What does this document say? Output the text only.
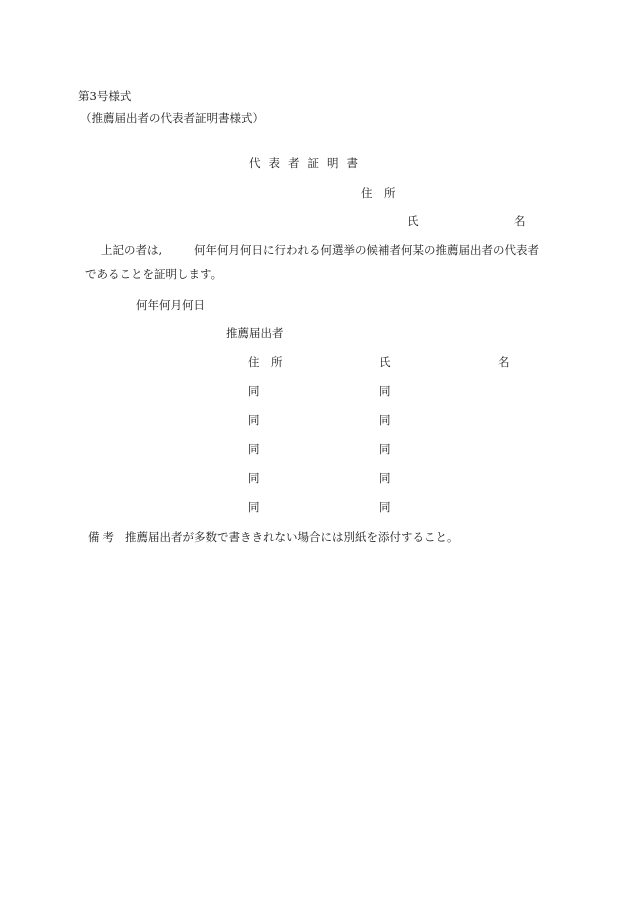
第3号様式
（推薦届出者の代表者証明書様式）
代表者証明書
住　所
氏	名
上記の者は,	何年何月何日に行われる何選挙の候補者何某の推薦届出者の代表者
であることを証明します。
何年何月何日
推薦届出者
住　所	氏	名
同	同
同	同
同	同
同	同
同	同
備考 推薦届出者が多数で書ききれない場合には別紙を添付すること。
